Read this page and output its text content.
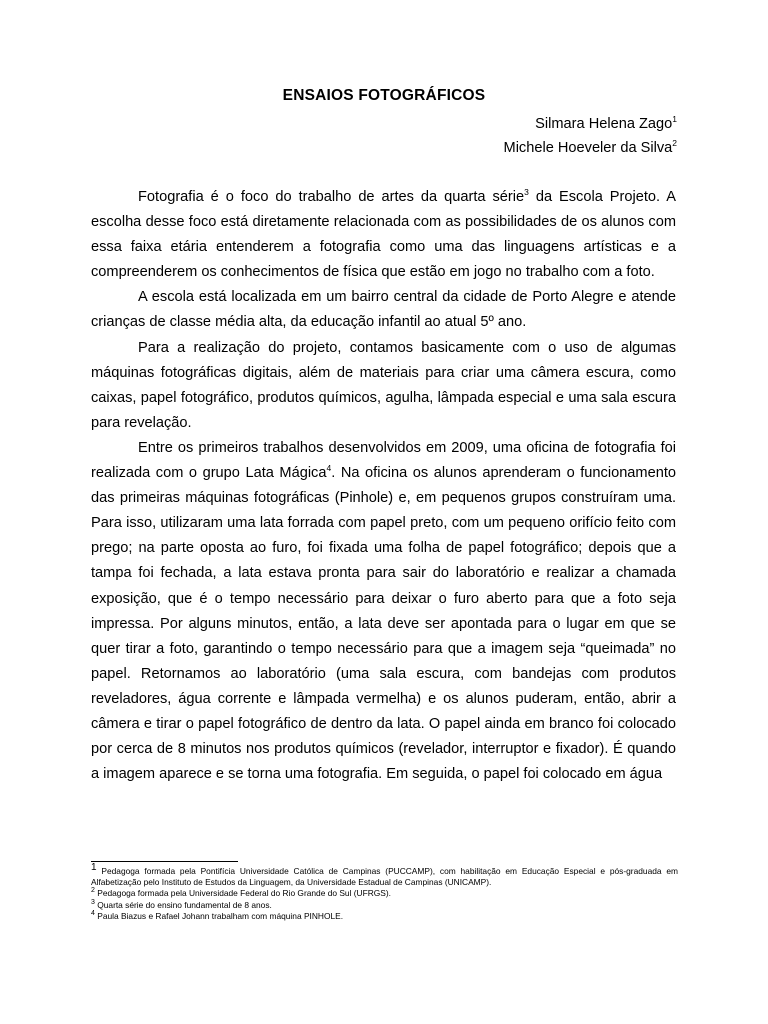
ENSAIOS FOTOGRÁFICOS
Silmara Helena Zago$^1$
Michele Hoeveler da Silva$^2$

Fotografia é o foco do trabalho de artes da quarta série$^3$ da Escola Projeto. A escolha desse foco está diretamente relacionada com as possibilidades de os alunos com essa faixa etária entenderem a fotografia como uma das linguagens artísticas e a compreenderem os conhecimentos de física que estão em jogo no trabalho com a foto.

A escola está localizada em um bairro central da cidade de Porto Alegre e atende crianças de classe média alta, da educação infantil ao atual 5º ano.

Para a realização do projeto, contamos basicamente com o uso de algumas máquinas fotográficas digitais, além de materiais para criar uma câmera escura, como caixas, papel fotográfico, produtos químicos, agulha, lâmpada especial e uma sala escura para revelação.

Entre os primeiros trabalhos desenvolvidos em 2009, uma oficina de fotografia foi realizada com o grupo Lata Mágica$^4$. Na oficina os alunos aprenderam o funcionamento das primeiras máquinas fotográficas (Pinhole) e, em pequenos grupos construíram uma. Para isso, utilizaram uma lata forrada com papel preto, com um pequeno orifício feito com prego; na parte oposta ao furo, foi fixada uma folha de papel fotográfico; depois que a tampa foi fechada, a lata estava pronta para sair do laboratório e realizar a chamada exposição, que é o tempo necessário para deixar o furo aberto para que a foto seja impressa. Por alguns minutos, então, a lata deve ser apontada para o lugar em que se quer tirar a foto, garantindo o tempo necessário para que a imagem seja “queimada” no papel. Retornamos ao laboratório (uma sala escura, com bandejas com produtos reveladores, água corrente e lâmpada vermelha) e os alunos puderam, então, abrir a câmera e tirar o papel fotográfico de dentro da lata. O papel ainda em branco foi colocado por cerca de 8 minutos nos produtos químicos (revelador, interruptor e fixador). É quando a imagem aparece e se torna uma fotografia. Em seguida, o papel foi colocado em água

1 Pedagoga formada pela Pontifícia Universidade Católica de Campinas (PUCCAMP), com habilitação em Educação Especial e pós-graduada em Alfabetização pelo Instituto de Estudos da Linguagem, da Universidade Estadual de Campinas (UNICAMP).

$^2$ Pedagoga formada pela Universidade Federal do Rio Grande do Sul (UFRGS).

$^3$ Quarta série do ensino fundamental de 8 anos.

$^4$ Paula Biazus e Rafael Johann trabalham com máquina PINHOLE.
